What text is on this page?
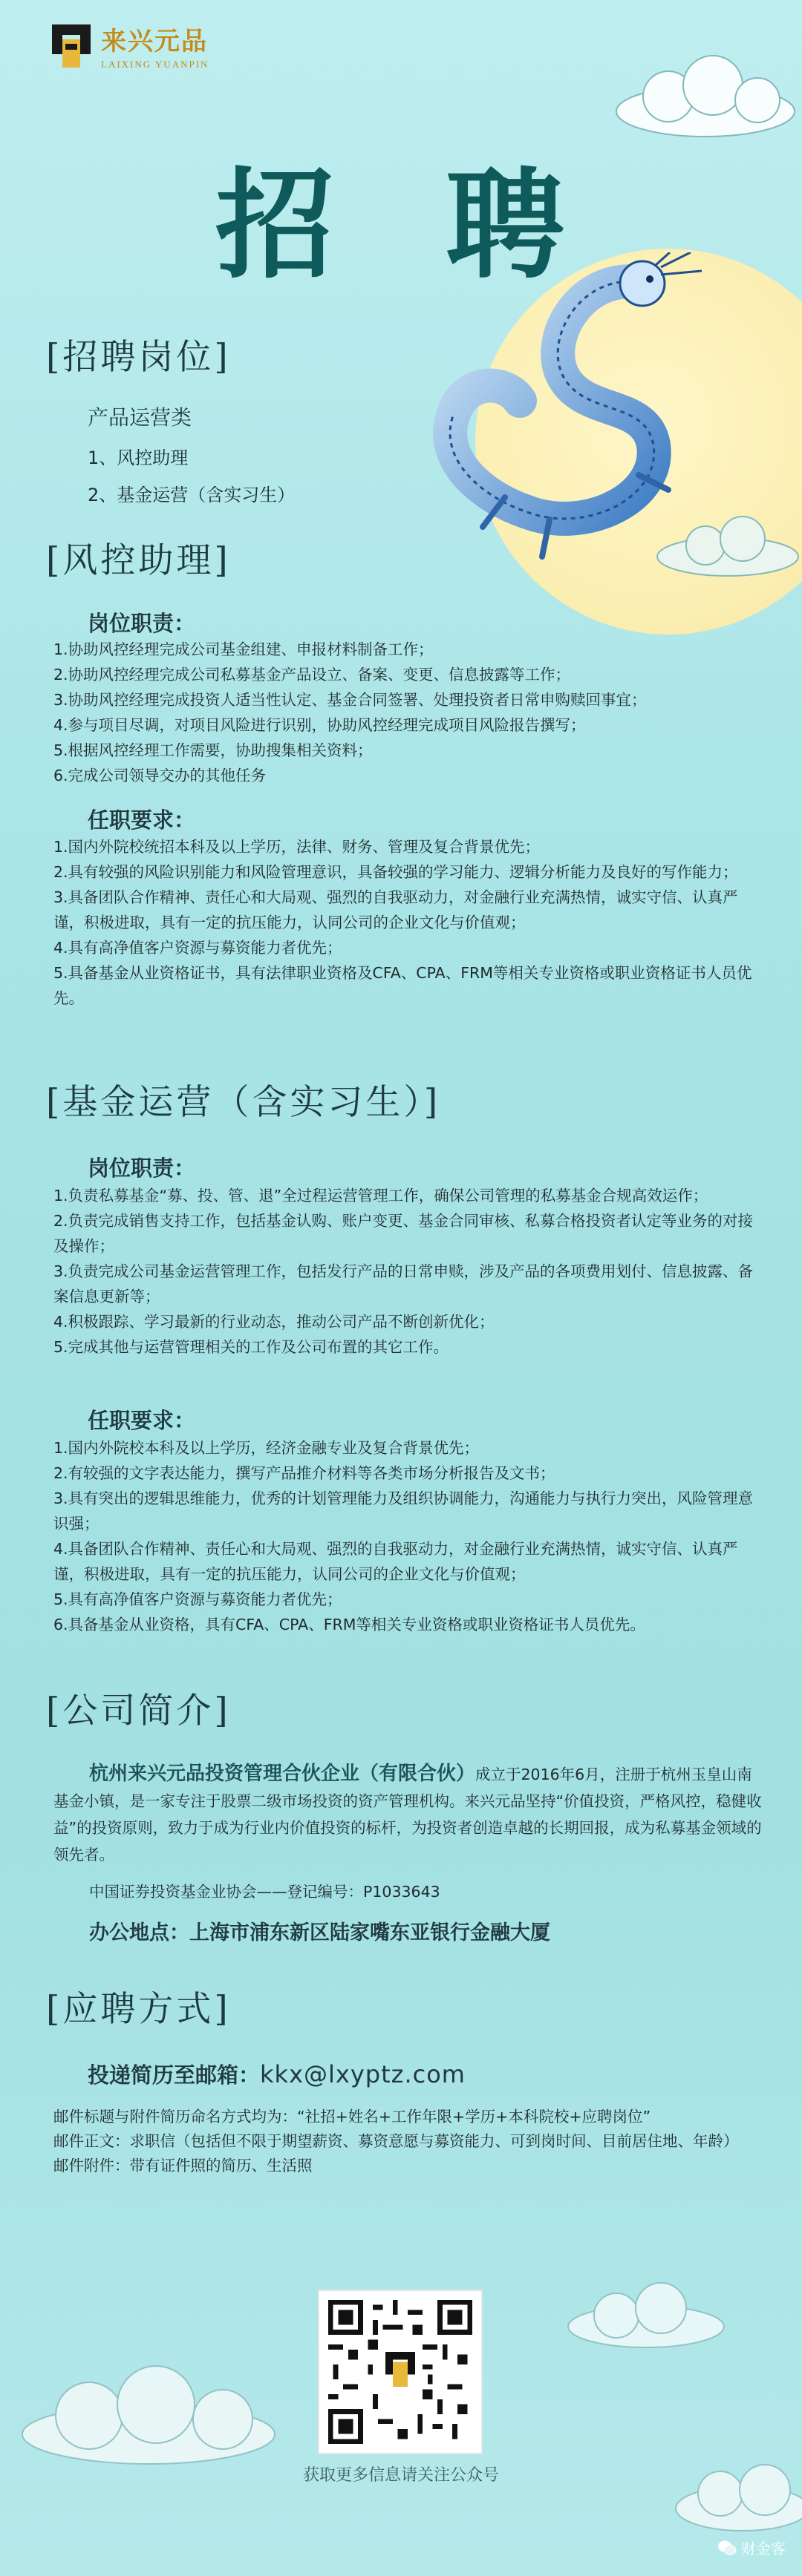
来兴元品
LAIXING YUANPIN
招聘
[招聘岗位]
产品运营类
1、风控助理
2、基金运营（含实习生）
[风控助理]
岗位职责：

1.协助风控经理完成公司基金组建、申报材料制备工作；

2.协助风控经理完成公司私募基金产品设立、备案、变更、信息披露等工作；

3.协助风控经理完成投资人适当性认定、基金合同签署、处理投资者日常申购赎回事宜；

4.参与项目尽调，对项目风险进行识别，协助风控经理完成项目风险报告撰写；

5.根据风控经理工作需要，协助搜集相关资料；

6.完成公司领导交办的其他任务

任职要求：

1.国内外院校统招本科及以上学历，法律、财务、管理及复合背景优先；

2.具有较强的风险识别能力和风险管理意识，具备较强的学习能力、逻辑分析能力及良好的写作能力；

3.具备团队合作精神、责任心和大局观、强烈的自我驱动力，对金融行业充满热情，诚实守信、认真严谨，积极进取，具有一定的抗压能力，认同公司的企业文化与价值观；

4.具有高净值客户资源与募资能力者优先；

5.具备基金从业资格证书，具有法律职业资格及CFA、CPA、FRM等相关专业资格或职业资格证书人员优先。

[基金运营（含实习生）]
岗位职责：

1.负责私募基金“募、投、管、退”全过程运营管理工作，确保公司管理的私募基金合规高效运作；

2.负责完成销售支持工作，包括基金认购、账户变更、基金合同审核、私募合格投资者认定等业务的对接及操作；

3.负责完成公司基金运营管理工作，包括发行产品的日常申赎，涉及产品的各项费用划付、信息披露、备案信息更新等；

4.积极跟踪、学习最新的行业动态，推动公司产品不断创新优化；

5.完成其他与运营管理相关的工作及公司布置的其它工作。

任职要求：

1.国内外院校本科及以上学历，经济金融专业及复合背景优先；

2.有较强的文字表达能力，撰写产品推介材料等各类市场分析报告及文书；

3.具有突出的逻辑思维能力，优秀的计划管理能力及组织协调能力，沟通能力与执行力突出，风险管理意识强；

4.具备团队合作精神、责任心和大局观、强烈的自我驱动力，对金融行业充满热情，诚实守信、认真严谨，积极进取，具有一定的抗压能力，认同公司的企业文化与价值观；

5.具有高净值客户资源与募资能力者优先；

6.具备基金从业资格，具有CFA、CPA、FRM等相关专业资格或职业资格证书人员优先。

[公司简介]
杭州来兴元品投资管理合伙企业（有限合伙）成立于2016年6月，注册于杭州玉皇山南基金小镇，是一家专注于股票二级市场投资的资产管理机构。来兴元品坚持“价值投资，严格风控，稳健收益”的投资原则，致力于成为行业内价值投资的标杆，为投资者创造卓越的长期回报，成为私募基金领域的领先者。
中国证券投资基金业协会——登记编号：P1033643
办公地点：上海市浦东新区陆家嘴东亚银行金融大厦
[应聘方式]
投递简历至邮箱：kkx@lxyptz.com

邮件标题与附件简历命名方式均为：“社招+姓名+工作年限+学历+本科院校+应聘岗位”

邮件正文：求职信（包括但不限于期望薪资、募资意愿与募资能力、可到岗时间、目前居住地、年龄）

邮件附件：带有证件照的简历、生活照

获取更多信息请关注公众号
财金客
